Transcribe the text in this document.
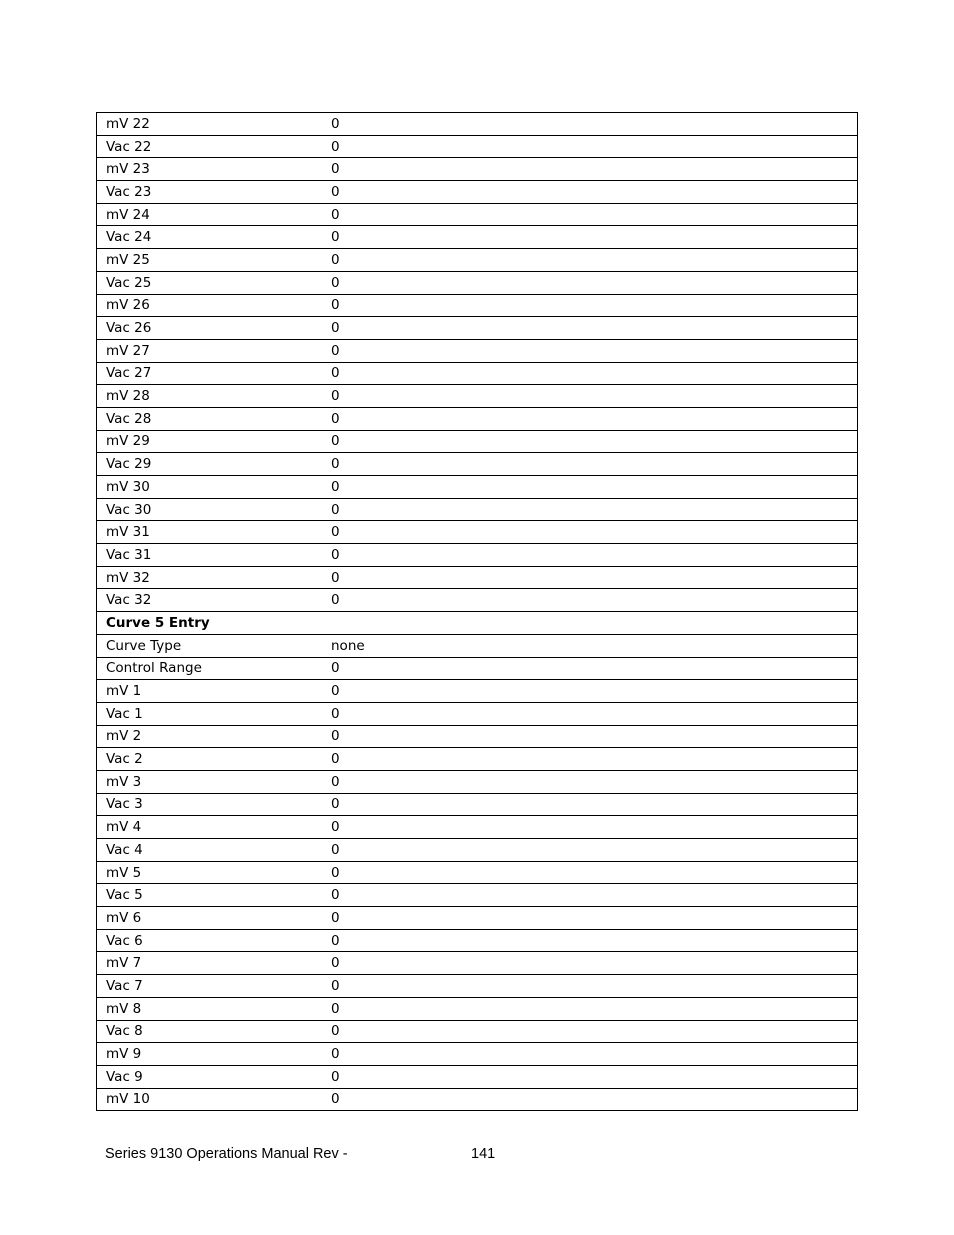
mV 22	0
Vac 22	0
mV 23	0
Vac 23	0
mV 24	0
Vac 24	0
mV 25	0
Vac 25	0
mV 26	0
Vac 26	0
mV 27	0
Vac 27	0
mV 28	0
Vac 28	0
mV 29	0
Vac 29	0
mV 30	0
Vac 30	0
mV 31	0
Vac 31	0
mV 32	0
Vac 32	0
Curve 5 Entry	
Curve Type	none
Control Range	0
mV 1	0
Vac 1	0
mV 2	0
Vac 2	0
mV 3	0
Vac 3	0
mV 4	0
Vac 4	0
mV 5	0
Vac 5	0
mV 6	0
Vac 6	0
mV 7	0
Vac 7	0
mV 8	0
Vac 8	0
mV 9	0
Vac 9	0
mV 10	0
Series 9130 Operations Manual Rev -	141
